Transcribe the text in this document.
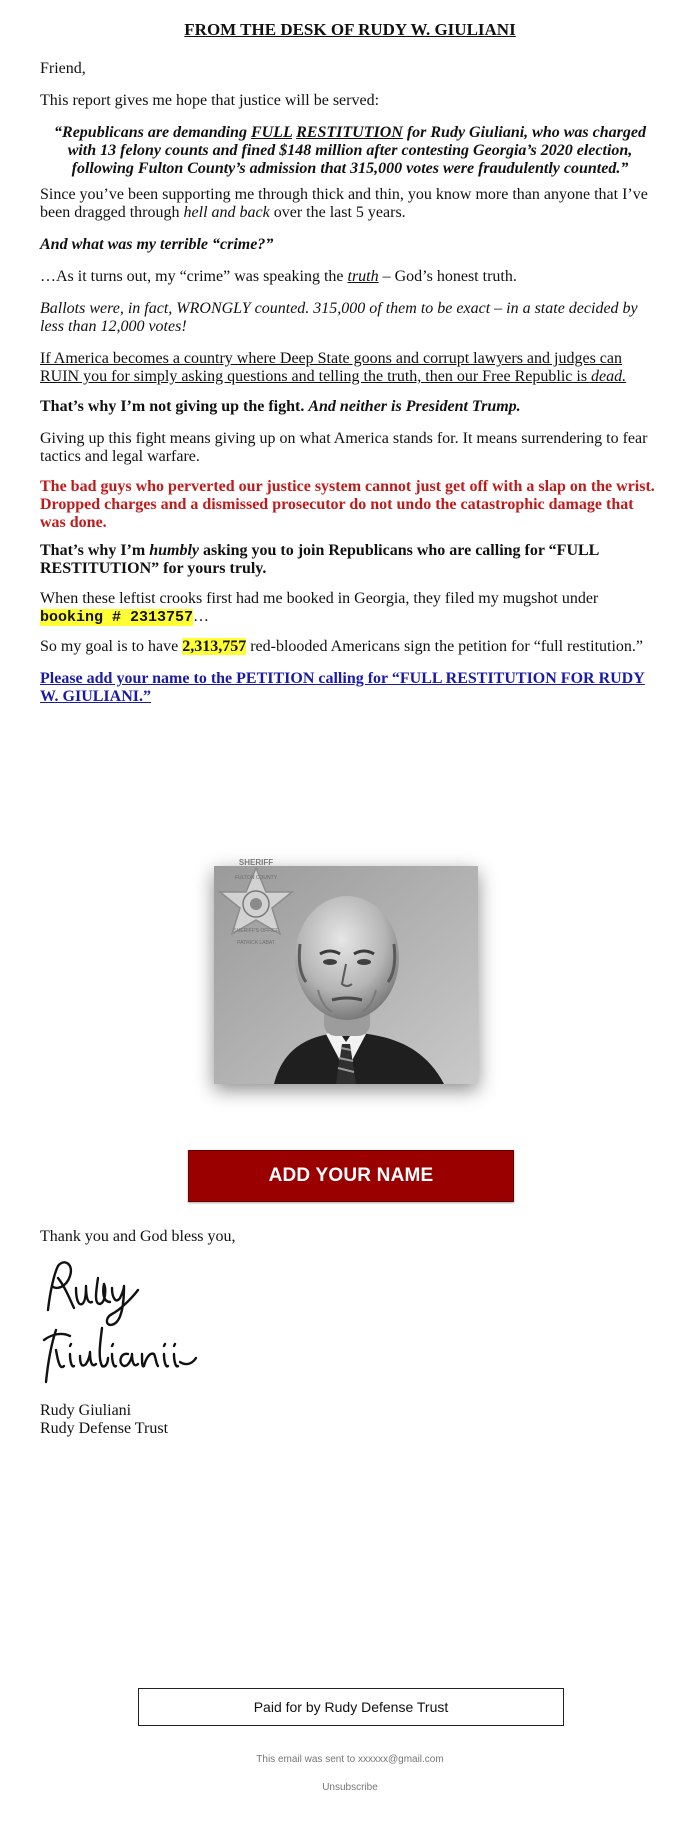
FROM THE DESK OF RUDY W. GIULIANI

Friend,

This report gives me hope that justice will be served:

“Republicans are demanding FULL RESTITUTION for Rudy Giuliani, who was charged with 13 felony counts and fined $148 million after contesting Georgia’s 2020 election, following Fulton County’s admission that 315,000 votes were fraudulently counted.”

Since you’ve been supporting me through thick and thin, you know more than anyone that I’ve been dragged through hell and back over the last 5 years.

And what was my terrible “crime?”

…As it turns out, my “crime” was speaking the truth – God’s honest truth.

Ballots were, in fact, WRONGLY counted. 315,000 of them to be exact – in a state decided by less than 12,000 votes!

If America becomes a country where Deep State goons and corrupt lawyers and judges can RUIN you for simply asking questions and telling the truth, then our Free Republic is dead.

That’s why I’m not giving up the fight. And neither is President Trump.

Giving up this fight means giving up on what America stands for. It means surrendering to fear tactics and legal warfare.

The bad guys who perverted our justice system cannot just get off with a slap on the wrist. Dropped charges and a dismissed prosecutor do not undo the catastrophic damage that was done.

That’s why I’m humbly asking you to join Republicans who are calling for “FULL RESTITUTION” for yours truly.

When these leftist crooks first had me booked in Georgia, they filed my mugshot under booking # 2313757…

So my goal is to have 2,313,757 red-blooded Americans sign the petition for “full restitution.”

Please add your name to the PETITION calling for “FULL RESTITUTION FOR RUDY W. GIULIANI.”

SHERIFF
FULTON COUNTY
SHERIFF'S OFFICE
PATRICK LABAT
ADD YOUR NAME

Thank you and God bless you,

Rudy Giuliani

Rudy Defense Trust

Paid for by Rudy Defense Trust
This email was sent to xxxxxx@gmail.com
Unsubscribe
